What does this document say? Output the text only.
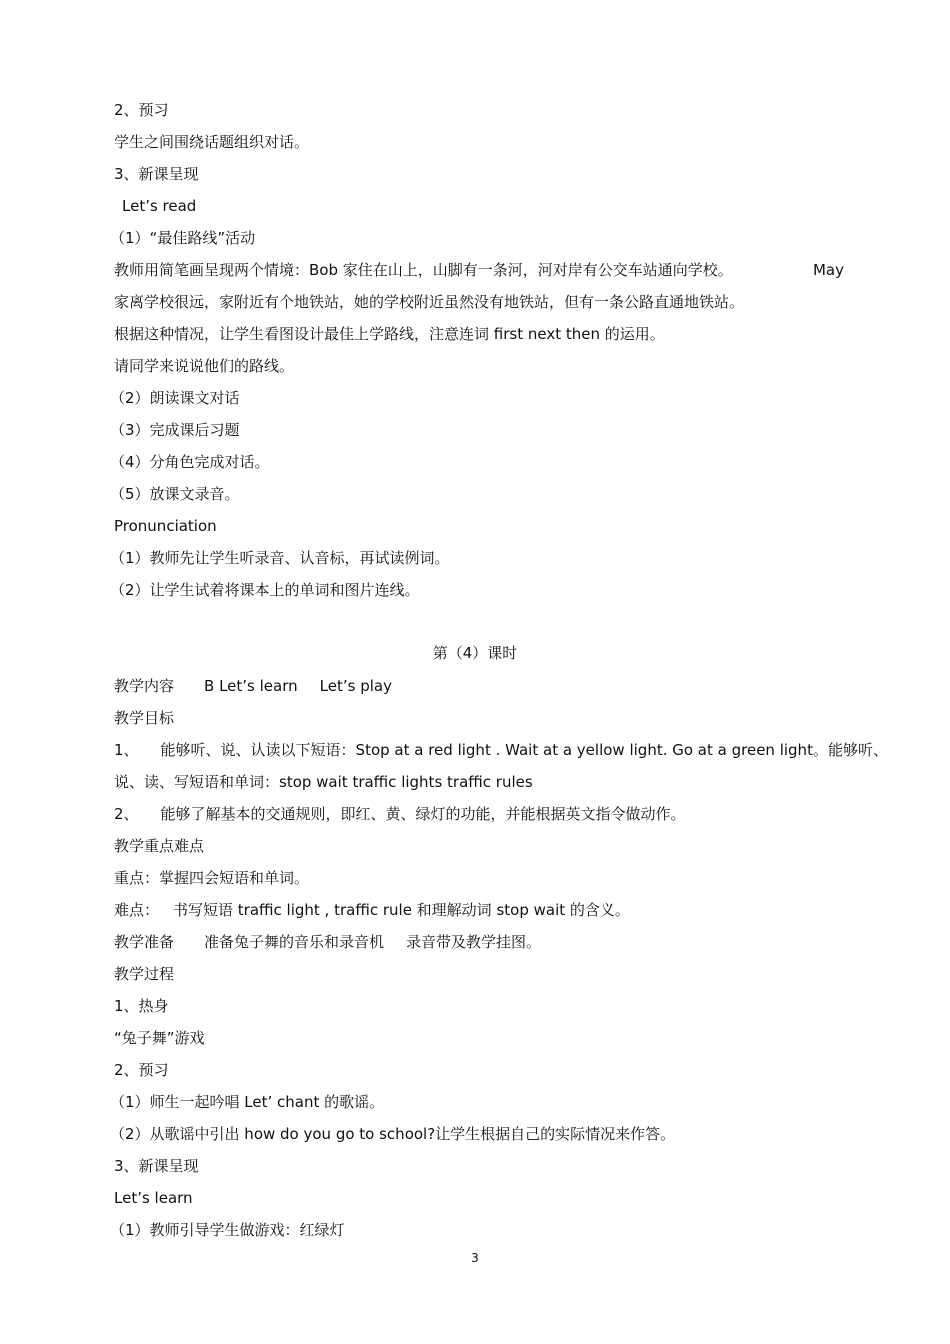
2、预习
学生之间围绕话题组织对话。
3、新课呈现
Let’s read
（1）“最佳路线”活动
教师用简笔画呈现两个情境：Bob 家住在山上，山脚有一条河，河对岸有公交车站通向学校。	May
家离学校很远，家附近有个地铁站，她的学校附近虽然没有地铁站，但有一条公路直通地铁站。
根据这种情况，让学生看图设计最佳上学路线，注意连词 first next then 的运用。
请同学来说说他们的路线。
（2）朗读课文对话
（3）完成课后习题
（4）分角色完成对话。
（5）放课文录音。
Pronunciation
（1）教师先让学生听录音、认音标，再试读例词。
（2）让学生试着将课本上的单词和图片连线。
第（4）课时
教学内容 B Let’s learn Let’s play
教学目标
1、 能够听、说、认读以下短语：Stop at a red light . Wait at a yellow light. Go at a green light。能够听、
说、读、写短语和单词：stop wait traffic lights traffic rules
2、 能够了解基本的交通规则，即红、黄、绿灯的功能，并能根据英文指令做动作。
教学重点难点
重点：掌握四会短语和单词。
难点： 书写短语 traffic light , traffic rule 和理解动词 stop wait 的含义。
教学准备 准备兔子舞的音乐和录音机 录音带及教学挂图。
教学过程
1、热身
“兔子舞”游戏
2、预习
（1）师生一起吟唱 Let’ chant 的歌谣。
（2）从歌谣中引出 how do you go to school?让学生根据自己的实际情况来作答。
3、新课呈现
Let’s learn
（1）教师引导学生做游戏：红绿灯
3
